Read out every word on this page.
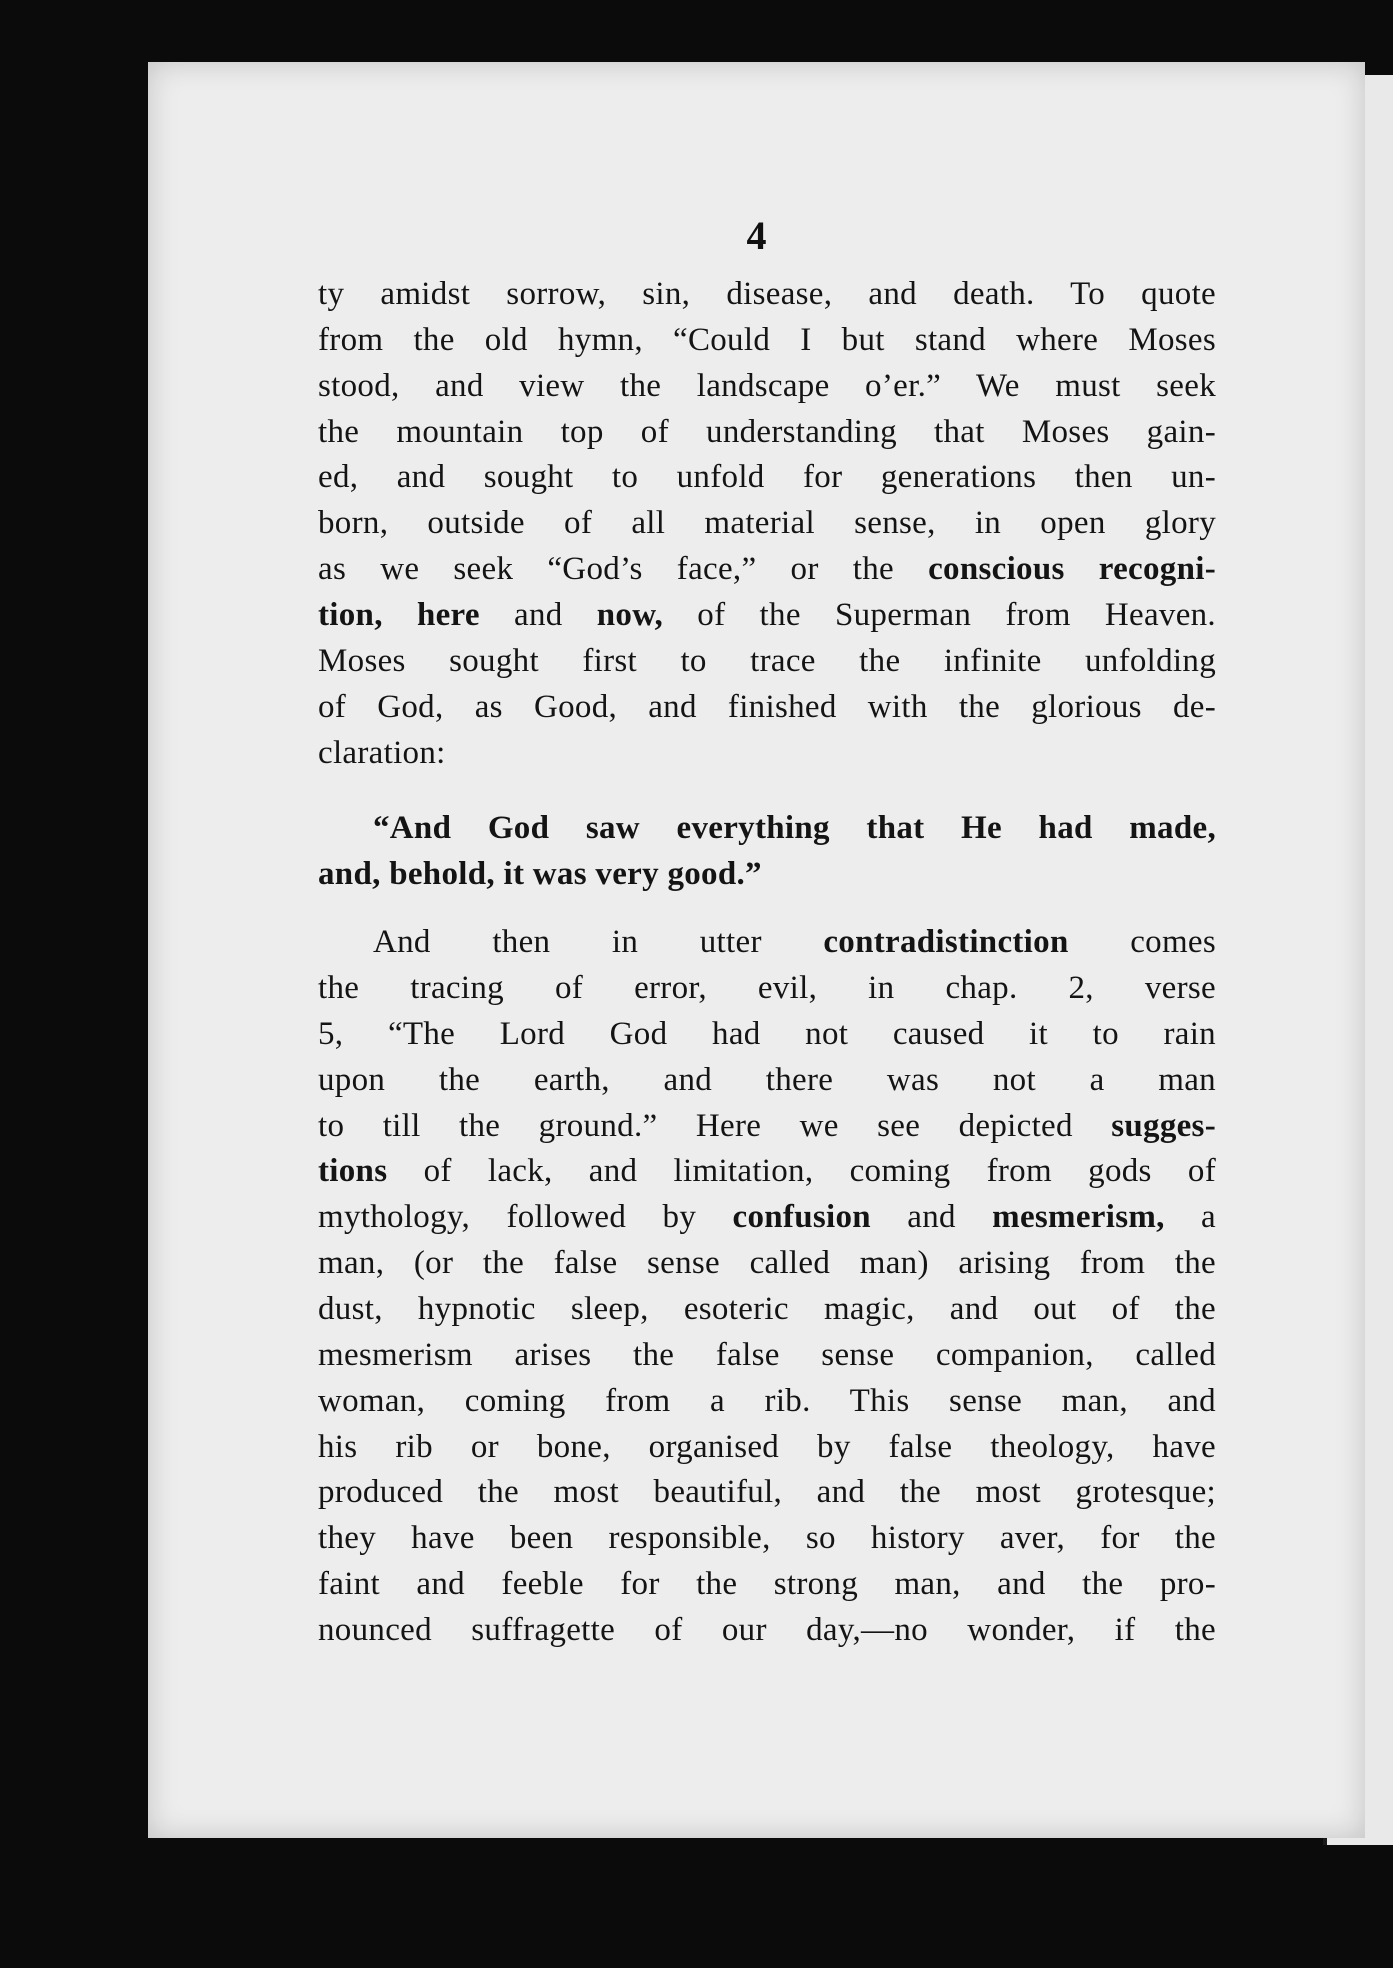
4
ty amidst sorrow, sin, disease, and death. To quote
from the old hymn, “Could I but stand where Moses
stood, and view the landscape o’er.” We must seek
the mountain top of understanding that Moses gain-
ed, and sought to unfold for generations then un-
born, outside of all material sense, in open glory
as we seek “God’s face,” or the conscious recogni-
tion, here and now, of the Superman from Heaven.
Moses sought first to trace the infinite unfolding
of God, as Good, and finished with the glorious de-
claration:
“And God saw everything that He had made,
and, behold, it was very good.”
And then in utter contradistinction comes
the tracing of error, evil, in chap. 2, verse
5, “The Lord God had not caused it to rain
upon the earth, and there was not a man
to till the ground.” Here we see depicted sugges-
tions of lack, and limitation, coming from gods of
mythology, followed by confusion and mesmerism, a
man, (or the false sense called man) arising from the
dust, hypnotic sleep, esoteric magic, and out of the
mesmerism arises the false sense companion, called
woman, coming from a rib. This sense man, and
his rib or bone, organised by false theology, have
produced the most beautiful, and the most grotesque;
they have been responsible, so history aver, for the
faint and feeble for the strong man, and the pro-
nounced suffragette of our day,—no wonder, if the
